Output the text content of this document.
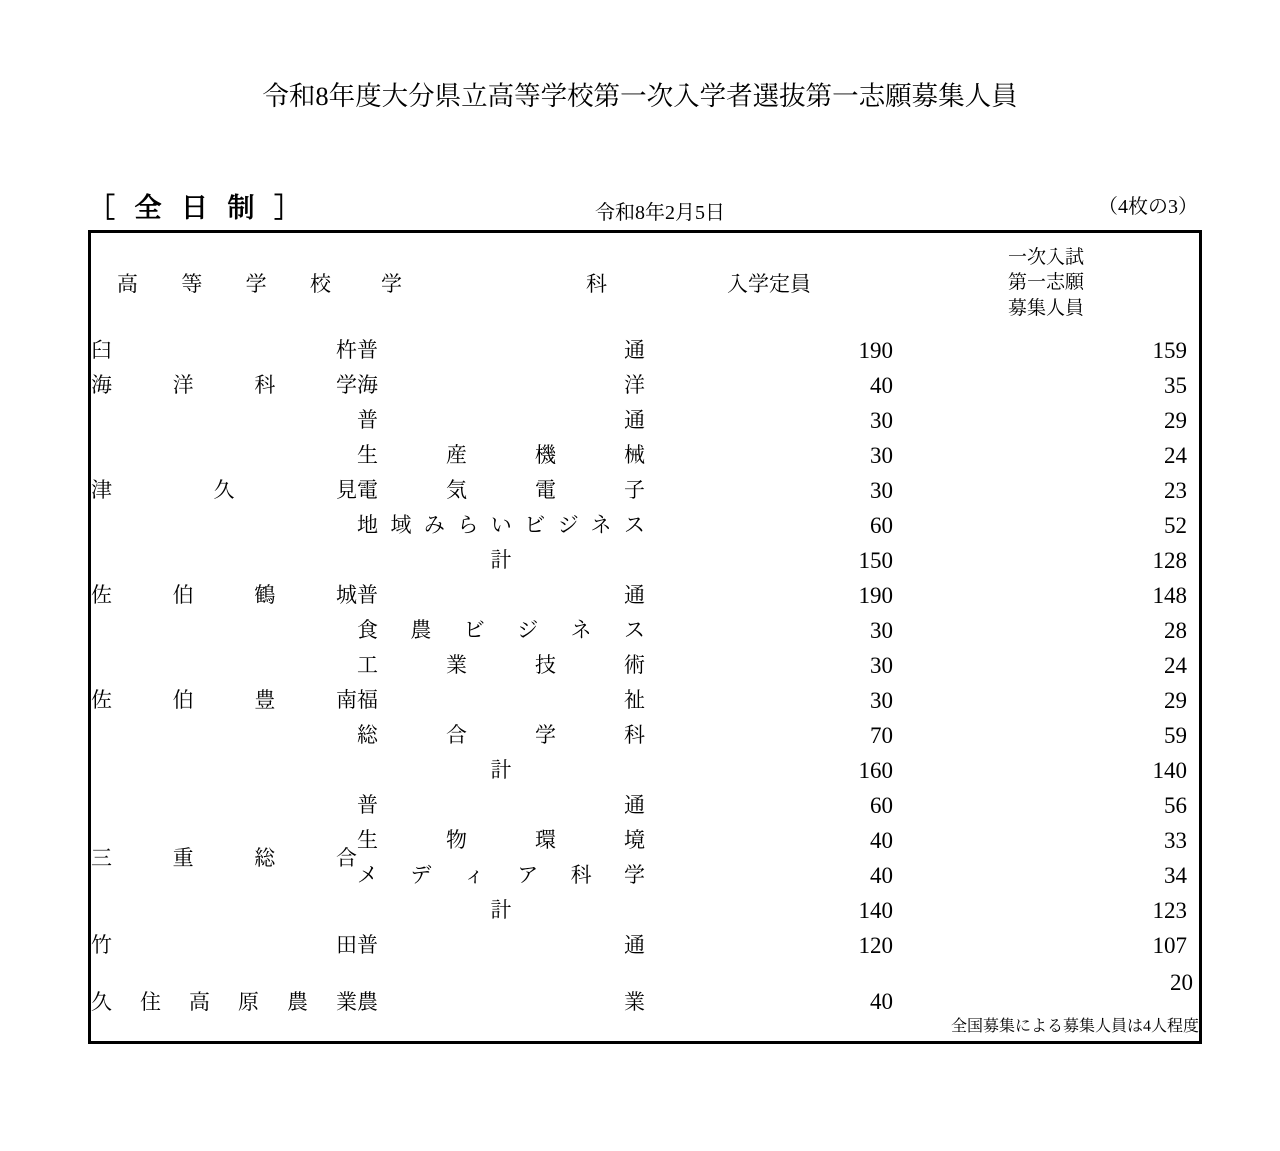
令和8年度大分県立高等学校第一次入学者選抜第一志願募集人員
［ 全 日 制 ］	令和8年2月5日	（4枚の3）
高 等 学 校	学　　　科	入学定員	一次入試
第一志願
募集人員

臼　　杵	普　　通	190	159

海 洋 科 学	海　　洋	40	35

津　久　見	普　　通	30	29

	生 産 機 械	30	24

	電 気 電 子	30	23

	地域みらいビジネス	60	52

	計	150	128

佐 伯 鶴 城	普　　通	190	148

佐 伯 豊 南	食 農 ビ ジ ネ ス	30	28

	工 業 技 術	30	24

	福　　祉	30	29

	総 合 学 科	70	59

	計	160	140

三 重 総 合	普　　通	60	56

	生 物 環 境	40	33

	メ デ ィ ア 科 学	40	34

	計	140	123

竹　　田	普　　通	120	107

久 住 高 原 農 業	農　　業	40	20
全国募集による募集人員は4人程度
